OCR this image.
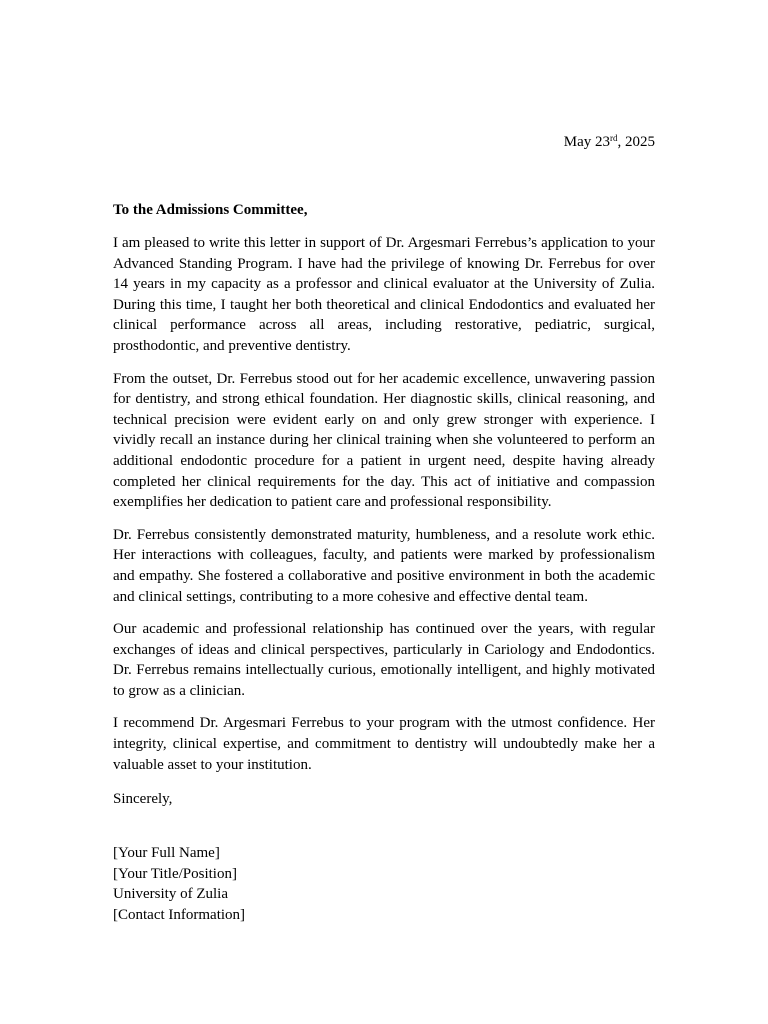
May 23rd, 2025
To the Admissions Committee,

I am pleased to write this letter in support of Dr. Argesmari Ferrebus’s application to your Advanced Standing Program. I have had the privilege of knowing Dr. Ferrebus for over 14 years in my capacity as a professor and clinical evaluator at the University of Zulia. During this time, I taught her both theoretical and clinical Endodontics and evaluated her clinical performance across all areas, including restorative, pediatric, surgical, prosthodontic, and preventive dentistry.

From the outset, Dr. Ferrebus stood out for her academic excellence, unwavering passion for dentistry, and strong ethical foundation. Her diagnostic skills, clinical reasoning, and technical precision were evident early on and only grew stronger with experience. I vividly recall an instance during her clinical training when she volunteered to perform an additional endodontic procedure for a patient in urgent need, despite having already completed her clinical requirements for the day. This act of initiative and compassion exemplifies her dedication to patient care and professional responsibility.

Dr. Ferrebus consistently demonstrated maturity, humbleness, and a resolute work ethic. Her interactions with colleagues, faculty, and patients were marked by professionalism and empathy. She fostered a collaborative and positive environment in both the academic and clinical settings, contributing to a more cohesive and effective dental team.

Our academic and professional relationship has continued over the years, with regular exchanges of ideas and clinical perspectives, particularly in Cariology and Endodontics. Dr. Ferrebus remains intellectually curious, emotionally intelligent, and highly motivated to grow as a clinician.

I recommend Dr. Argesmari Ferrebus to your program with the utmost confidence. Her integrity, clinical expertise, and commitment to dentistry will undoubtedly make her a valuable asset to your institution.

Sincerely,
[Your Full Name]
[Your Title/Position]
University of Zulia
[Contact Information]
